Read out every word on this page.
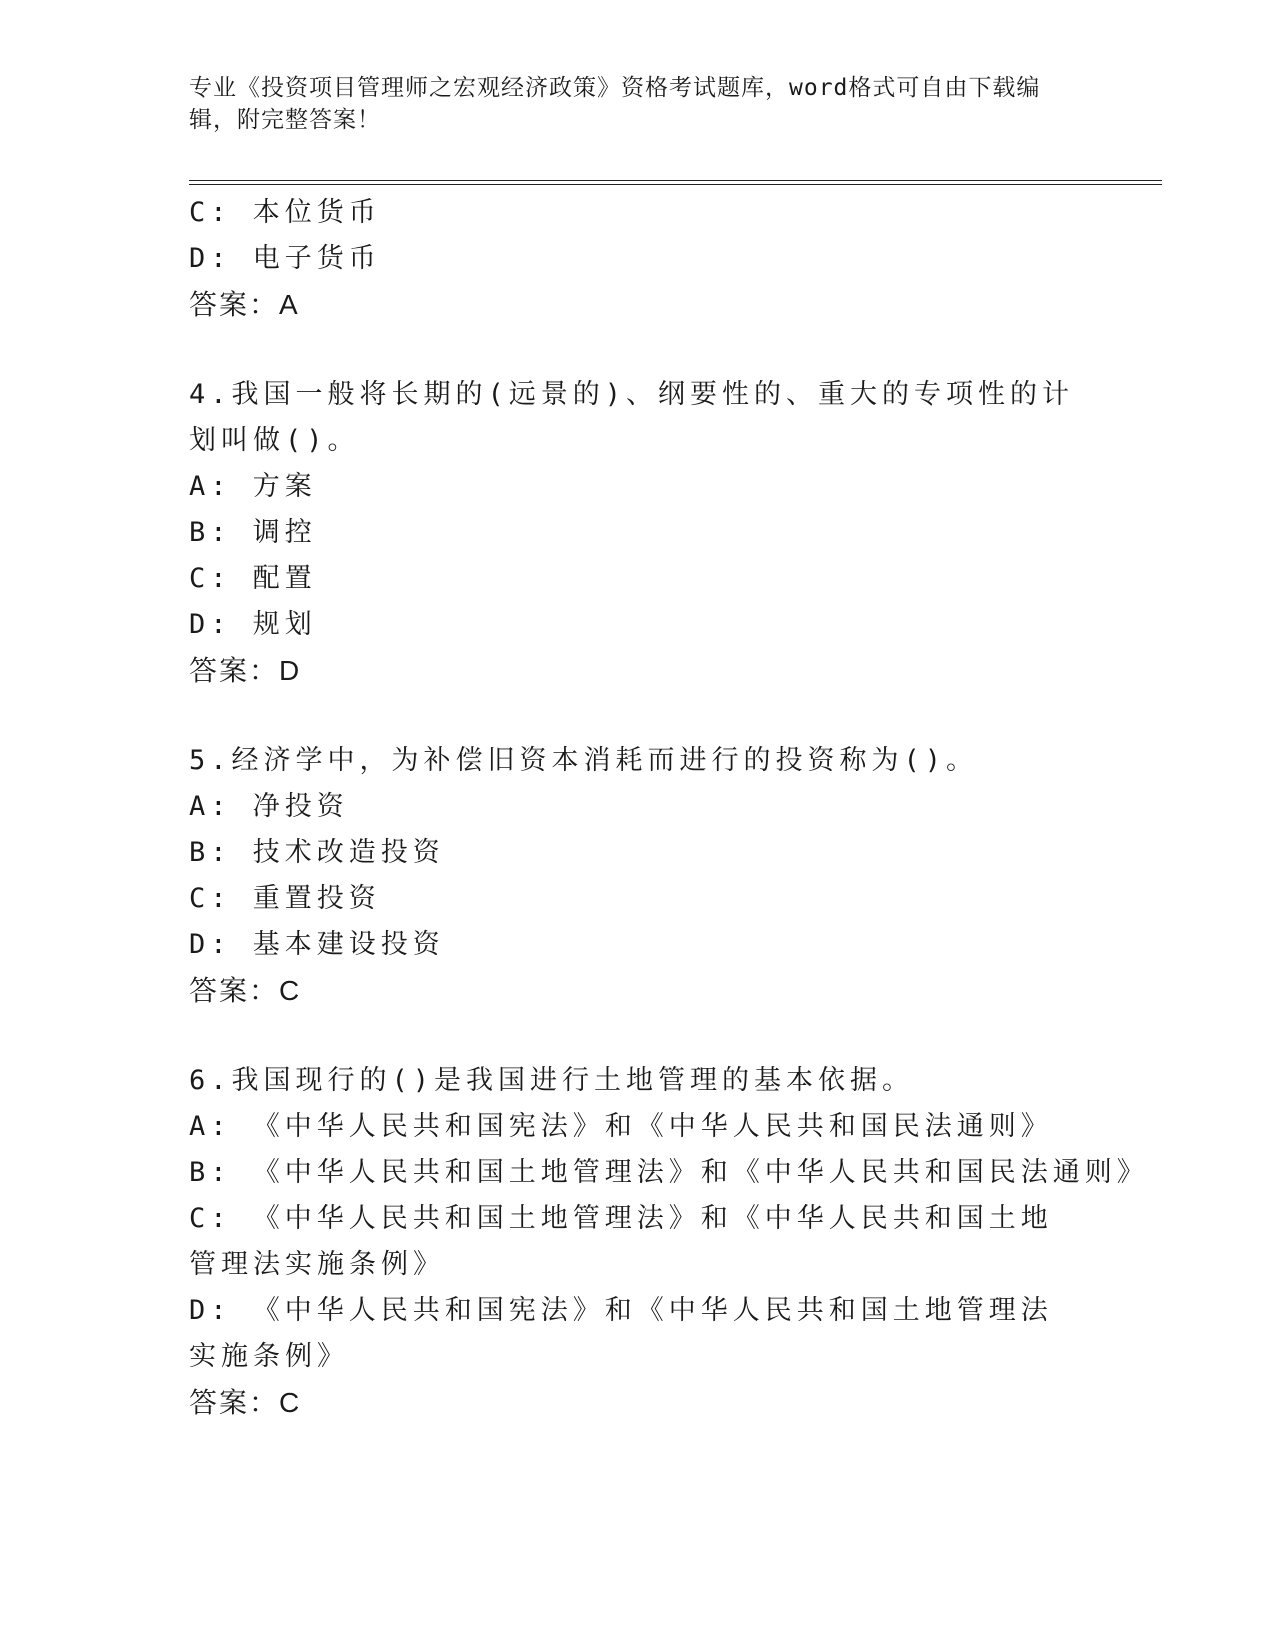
专业《投资项目管理师之宏观经济政策》资格考试题库，word格式可自由下载编辑，附完整答案！
C: 本位货币
D: 电子货币
答案：A
4.我国一般将长期的(远景的)、纲要性的、重大的专项性的计划叫做()。
A: 方案
B: 调控
C: 配置
D: 规划
答案：D
5.经济学中，为补偿旧资本消耗而进行的投资称为()。
A: 净投资
B: 技术改造投资
C: 重置投资
D: 基本建设投资
答案：C
6.我国现行的()是我国进行土地管理的基本依据。
A: 《中华人民共和国宪法》和《中华人民共和国民法通则》
B: 《中华人民共和国土地管理法》和《中华人民共和国民法通则》
C: 《中华人民共和国土地管理法》和《中华人民共和国土地管理法实施条例》
D: 《中华人民共和国宪法》和《中华人民共和国土地管理法实施条例》
答案：C
